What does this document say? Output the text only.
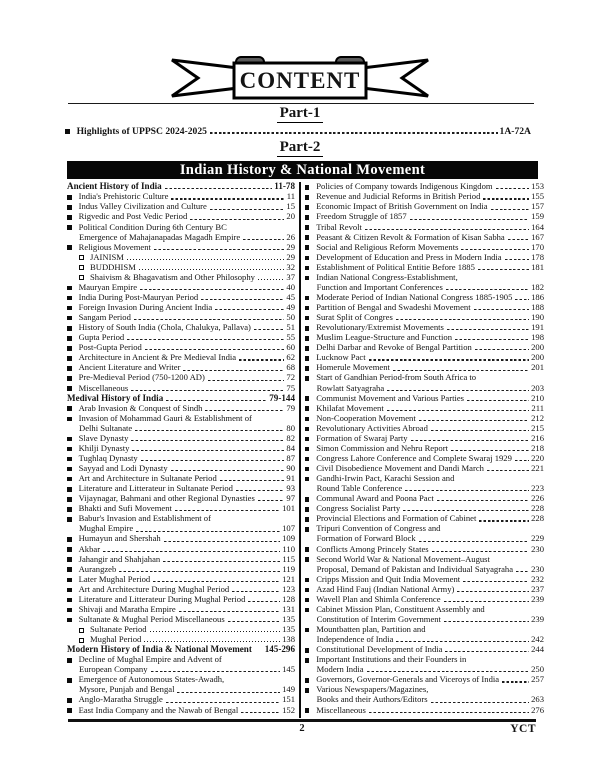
CONTENT
Part-1
Highlights of UPPSC 2024-2025	1A-72A
Part-2
Indian History & National Movement
Ancient History of India	11-78
India's Prehistoric Culture	11
Indus Valley Civilization and Culture	15
Rigvedic and Post Vedic Period	20
Political Condition During 6th Century BC
Emergence of Mahajanapadas Magadh Empire	26
Religious Movement	29
JAINISM	29
BUDDHISM	32
Shaivism & Bhagavatism and Other Philosophy	37
Mauryan Empire	40
India During Post-Mauryan Period	45
Foreign Invasion During Ancient India	49
Sangam Period	50
History of South India (Chola, Chalukya, Pallava)	51
Gupta Period	55
Post-Gupta Period	60
Architecture in Ancient & Pre Medieval India	62
Ancient Literature and Writer	68
Pre-Medieval Period (750-1200 AD)	72
Miscellaneous	75
Medival History of India	79-144
Arab Invasion & Conquest of Sindh	79
Invasion of Mohammad Gauri & Establishment of
Delhi Sultanate	80
Slave Dynasty	82
Khilji Dynasty	84
Tughlaq Dynasty	87
Sayyad and Lodi Dynasty	90
Art and Architecture in Sultanate Period	91
Literature and Litterateur in Sultanate Period	93
Vijaynagar, Bahmani and other Regional Dynasties	97
Bhakti and Sufi Movement	101
Babur's Invasion and Establishment of
Mughal Empire	107
Humayun and Shershah	109
Akbar	110
Jahangir and Shahjahan	115
Aurangzeb	119
Later Mughal Period	121
Art and Architecture During Mughal Period	123
Literature and Litterateur During Mughal Period	128
Shivaji and Maratha Empire	131
Sultanate & Mughal Period Miscellaneous	135
Sultanate Period	135
Mughal Period	138
Modern History of India & National Movement 145-296
Decline of Mughal Empire and Advent of
European Company	145
Emergence of Autonomous States-Awadh,
Mysore, Punjab and Bengal	149
Anglo-Maratha Struggle	151
East India Company and the Nawab of Bengal	152
Policies of Company towards Indigenous Kingdom	153
Revenue and Judicial Reforms in British Period	155
Economic Impact of British Government on India	157
Freedom Struggle of 1857	159
Tribal Revolt	164
Peasant & Citizen Revolt & Formation of Kisan Sabha	167
Social and Religious Reform Movements	170
Development of Education and Press in Modern India	178
Establishment of Political Entitie Before 1885	181
Indian National Congress-Establishment,
Function and Important Conferences	182
Moderate Period of Indian National Congress 1885-1905 186
Partition of Bengal and Swadeshi Movement	188
Surat Split of Congres	190
Revolutionary/Extremist Movements	191
Muslim League-Structure and Function	198
Delhi Darbar and Revoke of Bengal Partition	200
Lucknow Pact	200
Homerule Movement	201
Start of Gandhian Period-from South Africa to
Rowlatt Satyagraha	203
Communist Movement and Various Parties	210
Khilafat Movement	211
Non-Cooperation Movement	212
Revolutionary Activities Abroad	215
Formation of Swaraj Party	216
Simon Commission and Nehru Report	218
Congress Lahore Conference and Complete Swaraj 1929 220
Civil Disobedience Movement and Dandi March	221
Gandhi-Irwin Pact, Karachi Session and
Round Table Conference	223
Communal Award and Poona Pact	226
Congress Socialist Party	228
Provincial Elections and Formation of Cabinet	228
Tripuri Convention of Congress and
Formation of Forward Block	229
Conflicts Among Princely States	230
Second World War & National Movement–August
Proposal, Demand of Pakistan and Individual Satyagraha 230
Cripps Mission and Quit India Movement	232
Azad Hind Fauj (Indian National Army)	237
Wavell Plan and Shimla Conference	239
Cabinet Mission Plan, Constituent Assembly and
Constitution of Interim Government	239
Mountbatten plan, Partition and
Independence of India	242
Constitutional Development of India	244
Important Institutions and their Founders in
Modern India	250
Governors, Governor-Generals and Viceroys of India	257
Various Newspapers/Magazines,
Books and their Authors/Editors	263
Miscellaneous	276
2	YCT
